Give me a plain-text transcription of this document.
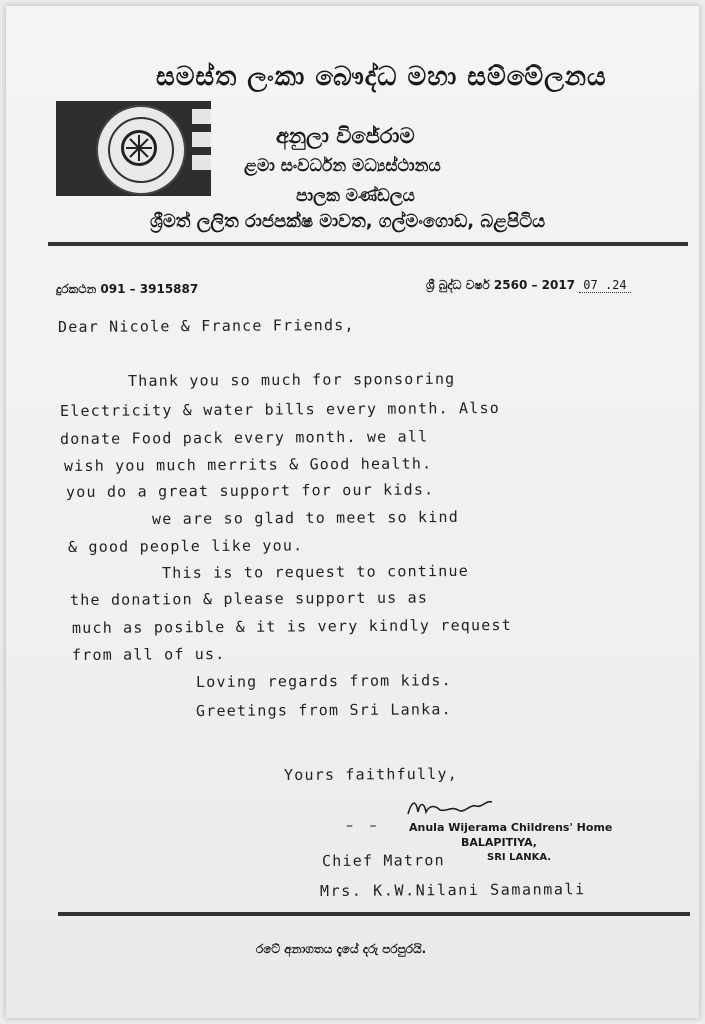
සමස්ත ලංකා බෞද්ධ මහා සම්මේලනය
අනුලා විජේරාම
ළමා සංවර්ධන මධ්‍යස්ථානය
පාලක මණ්ඩලය
ශ්‍රීමත් ලලිත රාජපක්ෂ මාවත, ගල්මංගොඩ, බළපිටිය
දුරකථන 091 – 3915887	ශ්‍රී බුද්ධ වර්ෂ 2560 – 2017 07 .24
Dear Nicole & France Friends,
Thank you so much for sponsoring
Electricity & water bills every month. Also
donate Food pack every month. we all
wish you much merrits & Good health.
you do a great support for our kids.
we are so glad to meet so kind
& good people like you.
This is to request to continue
the donation & please support us as
much as posible & it is very kindly request
from all of us.
Loving regards from kids.
Greetings from Sri Lanka.
Yours faithfully,
– – Anula Wijerama Childrens' Home
BALAPITIYA,
SRI LANKA.
Chief Matron
Mrs. K.W.Nilani Samanmali
රටේ අනාගතය දැයේ දරු පරපුරයි.
